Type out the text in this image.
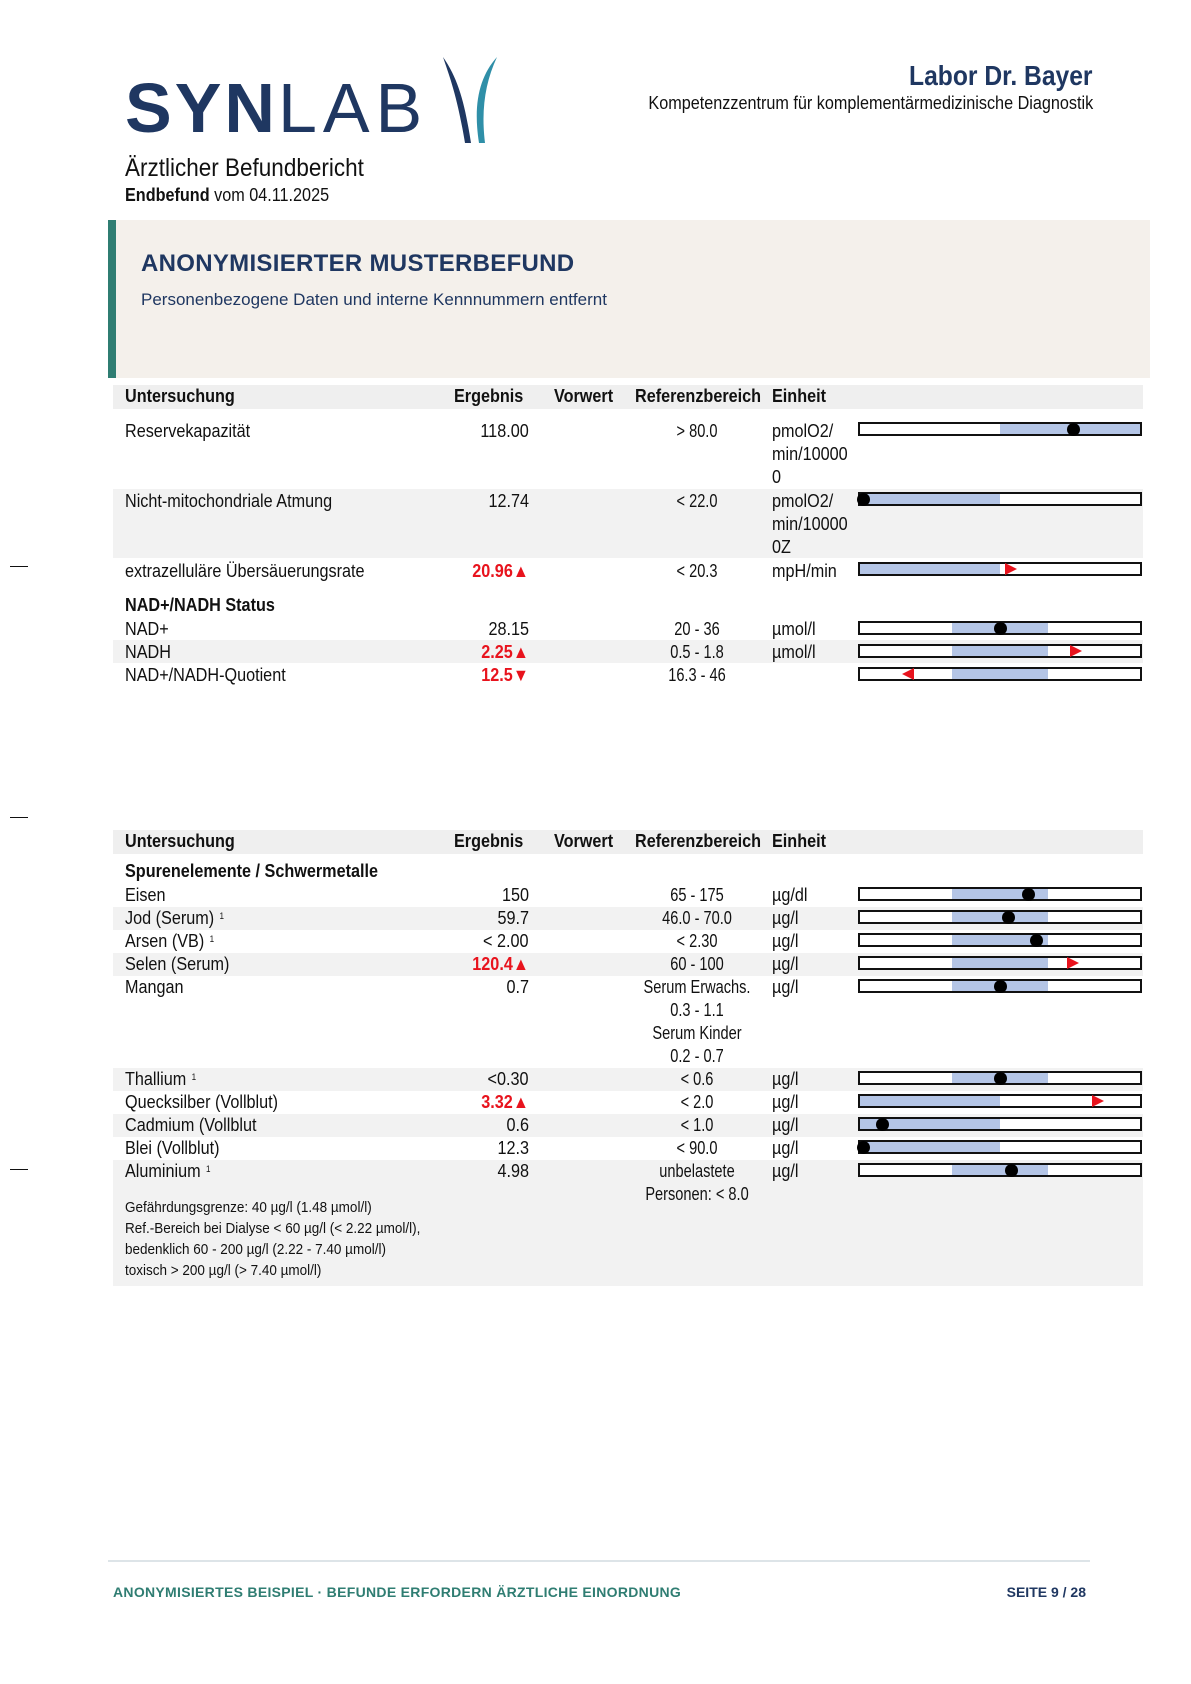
SYNLAB
Ärztlicher Befundbericht
Endbefund vom 04.11.2025
Labor Dr. Bayer
Kompetenzzentrum für komplementärmedizinische Diagnostik
ANONYMISIERTER MUSTERBEFUND
Personenbezogene Daten und interne Kennnummern entfernt
Untersuchung	Ergebnis Vorwert Referenzbereich Einheit
Reservekapazität	118.00	> 80.0	pmolO2/
min/10000
0
Nicht-mitochondriale Atmung	12.74	< 22.0	pmolO2/
min/10000
0Z
extrazelluläre Übersäuerungsrate	20.96▲	< 20.3	mpH/min
NAD+/NADH Status
NAD+	28.15	20 - 36	µmol/l
NADH	2.25▲	0.5 - 1.8	µmol/l
NAD+/NADH-Quotient	12.5▼	16.3 - 46
Untersuchung	Ergebnis Vorwert Referenzbereich Einheit
Spurenelemente / Schwermetalle
Eisen	150	65 - 175	µg/dl
Jod (Serum) $^1$	59.7	46.0 - 70.0 µg/l
Arsen (VB) $^1$	< 2.00	< 2.30	µg/l
Selen (Serum)	120.4▲	60 - 100	µg/l
Mangan	0.7	Serum Erwachs.
0.3 - 1.1
Serum Kinder
0.2 - 0.7
µg/l
Thallium $^1$	<0.30	< 0.6	µg/l
Quecksilber (Vollblut)	3.32▲	< 2.0	µg/l
Cadmium (Vollblut	0.6	< 1.0	µg/l
Blei (Vollblut)	12.3	< 90.0	µg/l
Aluminium $^1$	4.98	unbelastete
Personen: < 8.0
µg/l
Gefährdungsgrenze: 40 µg/l (1.48 µmol/l)
Ref.-Bereich bei Dialyse < 60 µg/l (< 2.22 µmol/l),
bedenklich 60 - 200 µg/l (2.22 - 7.40 µmol/l)
toxisch > 200 µg/l (> 7.40 µmol/l)
ANONYMISIERTES BEISPIEL · BEFUNDE ERFORDERN ÄRZTLICHE EINORDNUNG	SEITE 9 / 28
